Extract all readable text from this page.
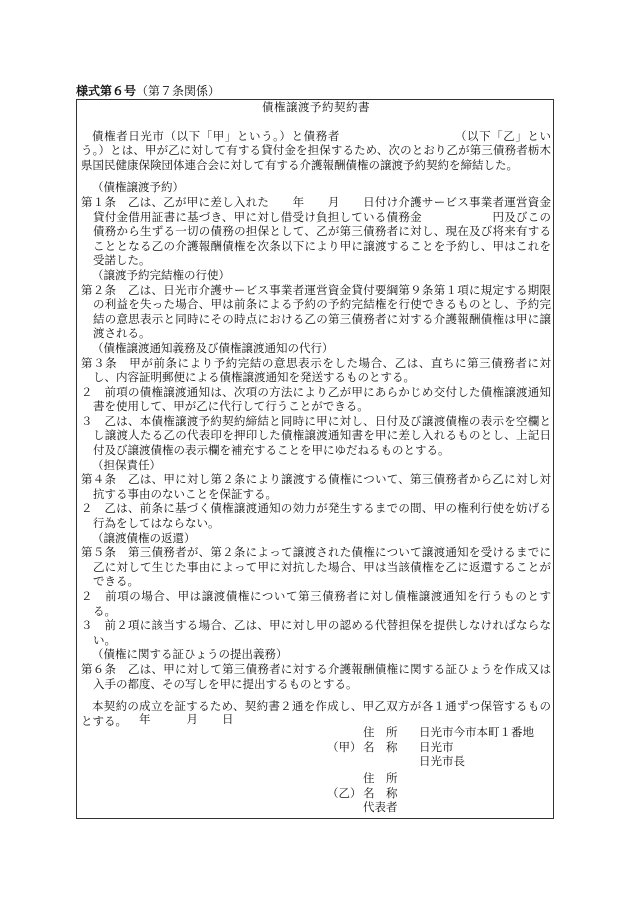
様式第６号（第７条関係）
債権譲渡予約契約書

債権者日光市（以下「甲」という。）と債務者　　　　　　　　　　（以下「乙」という。）とは、甲が乙に対して有する貸付金を担保するため、次のとおり乙が第三債務者栃木県国民健康保険団体連合会に対して有する介護報酬債権の譲渡予約契約を締結した。

（債権譲渡予約）

第１条　乙は、乙が甲に差し入れた　　年　　月　　日付け介護サービス事業者運営資金貸付金借用証書に基づき、甲に対し借受け負担している債務金　　　　　　円及びこの債務から生ずる一切の債務の担保として、乙が第三債務者に対し、現在及び将来有することとなる乙の介護報酬債権を次条以下により甲に譲渡することを予約し、甲はこれを受諾した。

（譲渡予約完結権の行使）

第２条　乙は、日光市介護サービス事業者運営資金貸付要綱第９条第１項に規定する期限の利益を失った場合、甲は前条による予約の予約完結権を行使できるものとし、予約完結の意思表示と同時にその時点における乙の第三債務者に対する介護報酬債権は甲に譲渡される。

（債権譲渡通知義務及び債権譲渡通知の代行）

第３条　甲が前条により予約完結の意思表示をした場合、乙は、直ちに第三債務者に対し、内容証明郵便による債権譲渡通知を発送するものとする。

２　前項の債権譲渡通知は、次項の方法により乙が甲にあらかじめ交付した債権譲渡通知書を使用して、甲が乙に代行して行うことができる。

３　乙は、本債権譲渡予約契約締結と同時に甲に対し、日付及び譲渡債権の表示を空欄とし譲渡人たる乙の代表印を押印した債権譲渡通知書を甲に差し入れるものとし、上記日付及び譲渡債権の表示欄を補充することを甲にゆだねるものとする。

（担保責任）

第４条　乙は、甲に対し第２条により譲渡する債権について、第三債務者から乙に対し対抗する事由のないことを保証する。

２　乙は、前条に基づく債権譲渡通知の効力が発生するまでの間、甲の権利行使を妨げる行為をしてはならない。

（譲渡債権の返還）

第５条　第三債務者が、第２条によって譲渡された債権について譲渡通知を受けるまでに乙に対して生じた事由によって甲に対抗した場合、甲は当該債権を乙に返還することができる。

２　前項の場合、甲は譲渡債権について第三債務者に対し債権譲渡通知を行うものとする。

３　前２項に該当する場合、乙は、甲に対し甲の認める代替担保を提供しなければならない。

（債権に関する証ひょうの提出義務）

第６条　乙は、甲に対して第三債務者に対する介護報酬債権に関する証ひょうを作成又は入手の都度、その写しを甲に提出するものとする。

本契約の成立を証するため、契約書２通を作成し、甲乙双方が各１通ずつ保管するものとする。	年	月 日
住　所	日光市今市本町１番地
（甲） 名　称	日光市
日光市長
住　所
（乙） 名　称
代表者
